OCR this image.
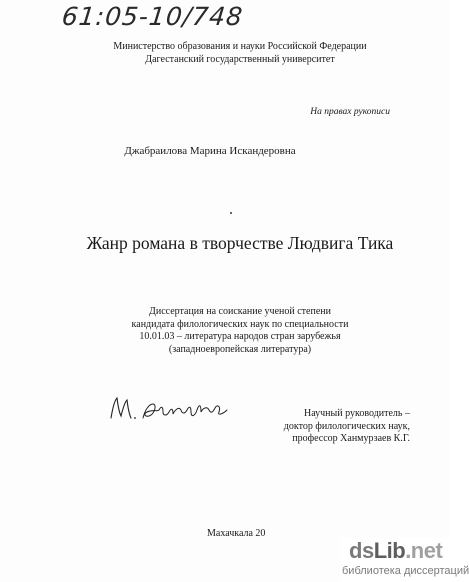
61:05-10/748
Министерство образования и науки Российской Федерации
Дагестанский государственный университет
На правах рукописи
Джабраилова Марина Искандеровна
Жанр романа в творчестве Людвига Тика
Диссертация на соискание ученой степени
кандидата филологических наук по специальности
10.01.03 – литература народов стран зарубежья
(западноевропейская литература)
Научный руководитель –
доктор филологических наук,
профессор Ханмурзаев К.Г.
Махачкала 20
dsLib.net
библиотека диссертаций
